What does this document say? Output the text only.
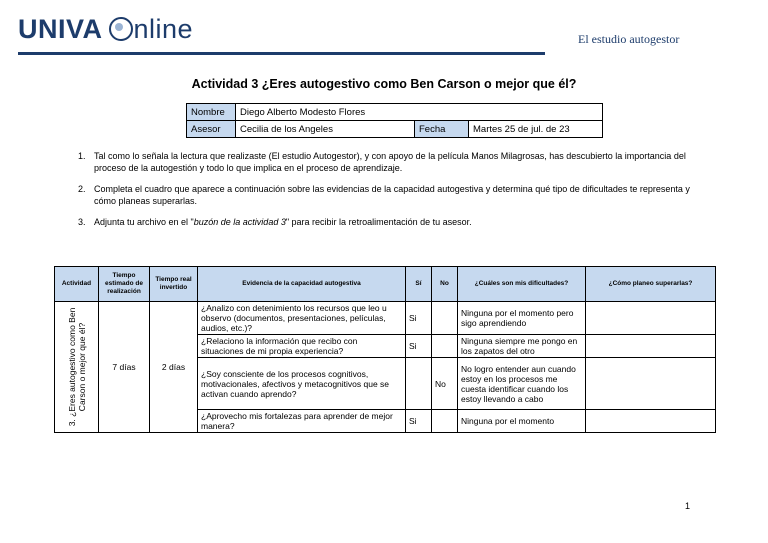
UNIVA nline	El estudio autogestor
Actividad 3 ¿Eres autogestivo como Ben Carson o mejor que él?
Nombre	Diego Alberto Modesto Flores		
Asesor	Cecilia de los Angeles	Fecha	Martes 25 de jul. de 23
1. Tal como lo señala la lectura que realizaste (El estudio Autogestor), y con apoyo de la película Manos Milagrosas, has descubierto la importancia del proceso de la autogestión y todo lo que implica en el proceso de aprendizaje.
2. Completa el cuadro que aparece a continuación sobre las evidencias de la capacidad autogestiva y determina qué tipo de dificultades te representa y cómo planeas superarlas.
3. Adjunta tu archivo en el "buzón de la actividad 3" para recibir la retroalimentación de tu asesor.
Actividad	Tiempo estimado de realización	Tiempo real invertido	Evidencia de la capacidad autogestiva	Sí	No	¿Cuáles son mis dificultades?	¿Cómo planeo superarlas?

3. ¿Eres autogestivo como Ben Carson o mejor que él?	7 días	2 días	¿Analizo con detenimiento los recursos que leo u observo (documentos, presentaciones, películas, audios, etc.)?	Si		Ninguna por el momento pero sigo aprendiendo	
			¿Relaciono la información que recibo con situaciones de mi propia experiencia?	Si		Ninguna siempre me pongo en los zapatos del otro	
			¿Soy consciente de los procesos cognitivos, motivacionales, afectivos y metacognitivos que se activan cuando aprendo?		No	No logro entender aun cuando estoy en los procesos me cuesta identificar cuando los estoy llevando a cabo	
			¿Aprovecho mis fortalezas para aprender de mejor manera?	Si		Ninguna por el momento	
1
